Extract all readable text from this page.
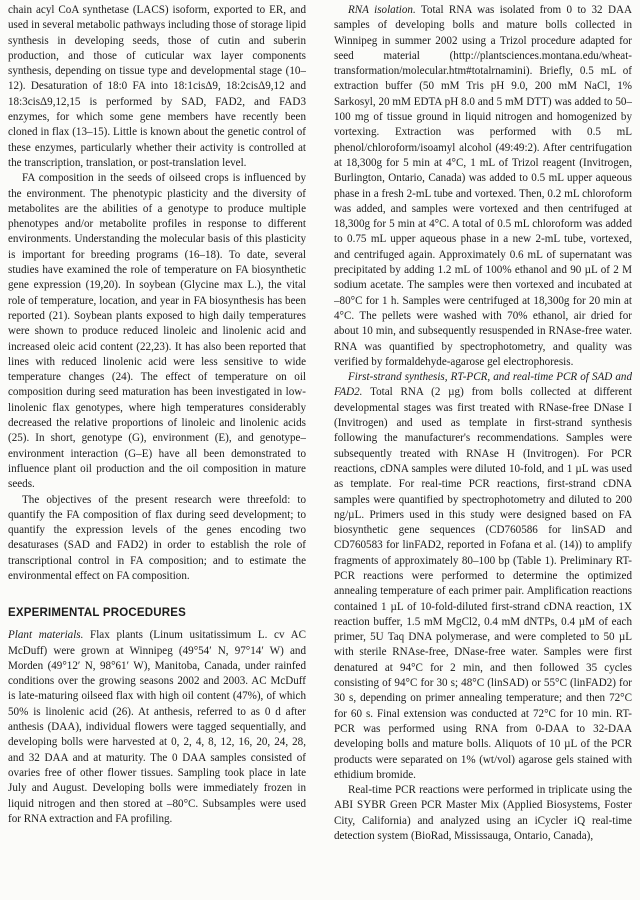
chain acyl CoA synthetase (LACS) isoform, exported to ER, and used in several metabolic pathways including those of storage lipid synthesis in developing seeds, those of cutin and suberin production, and those of cuticular wax layer components synthesis, depending on tissue type and developmental stage (10–12). Desaturation of 18:0 FA into 18:1cisΔ9, 18:2cisΔ9,12 and 18:3cisΔ9,12,15 is performed by SAD, FAD2, and FAD3 enzymes, for which some gene members have recently been cloned in flax (13–15). Little is known about the genetic control of these enzymes, particularly whether their activity is controlled at the transcription, translation, or post-translation level.

FA composition in the seeds of oilseed crops is influenced by the environment. The phenotypic plasticity and the diversity of metabolites are the abilities of a genotype to produce multiple phenotypes and/or metabolite profiles in response to different environments. Understanding the molecular basis of this plasticity is important for breeding programs (16–18). To date, several studies have examined the role of temperature on FA biosynthetic gene expression (19,20). In soybean (Glycine max L.), the vital role of temperature, location, and year in FA biosynthesis has been reported (21). Soybean plants exposed to high daily temperatures were shown to produce reduced linoleic and linolenic acid and increased oleic acid content (22,23). It has also been reported that lines with reduced linolenic acid were less sensitive to wide temperature changes (24). The effect of temperature on oil composition during seed maturation has been investigated in low-linolenic flax genotypes, where high temperatures considerably decreased the relative proportions of linoleic and linolenic acids (25). In short, genotype (G), environment (E), and genotype–environment interaction (G–E) have all been demonstrated to influence plant oil production and the oil composition in mature seeds.

The objectives of the present research were threefold: to quantify the FA composition of flax during seed development; to quantify the expression levels of the genes encoding two desaturases (SAD and FAD2) in order to establish the role of transcriptional control in FA composition; and to estimate the environmental effect on FA composition.

EXPERIMENTAL PROCEDURES

Plant materials. Flax plants (Linum usitatissimum L. cv AC McDuff) were grown at Winnipeg (49°54′ N, 97°14′ W) and Morden (49°12′ N, 98°61′ W), Manitoba, Canada, under rainfed conditions over the growing seasons 2002 and 2003. AC McDuff is late-maturing oilseed flax with high oil content (47%), of which 50% is linolenic acid (26). At anthesis, referred to as 0 d after anthesis (DAA), individual flowers were tagged sequentially, and developing bolls were harvested at 0, 2, 4, 8, 12, 16, 20, 24, 28, and 32 DAA and at maturity. The 0 DAA samples consisted of ovaries free of other flower tissues. Sampling took place in late July and August. Developing bolls were immediately frozen in liquid nitrogen and then stored at –80°C. Subsamples were used for RNA extraction and FA profiling.

RNA isolation. Total RNA was isolated from 0 to 32 DAA samples of developing bolls and mature bolls collected in Winnipeg in summer 2002 using a Trizol procedure adapted for seed material (http://plantsciences.montana.edu/wheat-transformation/molecular.htm#totalrnamini). Briefly, 0.5 mL of extraction buffer (50 mM Tris pH 9.0, 200 mM NaCl, 1% Sarkosyl, 20 mM EDTA pH 8.0 and 5 mM DTT) was added to 50–100 mg of tissue ground in liquid nitrogen and homogenized by vortexing. Extraction was performed with 0.5 mL phenol/chloroform/isoamyl alcohol (49:49:2). After centrifugation at 18,300g for 5 min at 4°C, 1 mL of Trizol reagent (Invitrogen, Burlington, Ontario, Canada) was added to 0.5 mL upper aqueous phase in a fresh 2-mL tube and vortexed. Then, 0.2 mL chloroform was added, and samples were vortexed and then centrifuged at 18,300g for 5 min at 4°C. A total of 0.5 mL chloroform was added to 0.75 mL upper aqueous phase in a new 2-mL tube, vortexed, and centrifuged again. Approximately 0.6 mL of supernatant was precipitated by adding 1.2 mL of 100% ethanol and 90 µL of 2 M sodium acetate. The samples were then vortexed and incubated at –80°C for 1 h. Samples were centrifuged at 18,300g for 20 min at 4°C. The pellets were washed with 70% ethanol, air dried for about 10 min, and subsequently resuspended in RNAse-free water. RNA was quantified by spectrophotometry, and quality was verified by formaldehyde-agarose gel electrophoresis.

First-strand synthesis, RT-PCR, and real-time PCR of SAD and FAD2. Total RNA (2 µg) from bolls collected at different developmental stages was first treated with RNase-free DNase I (Invitrogen) and used as template in first-strand synthesis following the manufacturer's recommendations. Samples were subsequently treated with RNAse H (Invitrogen). For PCR reactions, cDNA samples were diluted 10-fold, and 1 µL was used as template. For real-time PCR reactions, first-strand cDNA samples were quantified by spectrophotometry and diluted to 200 ng/µL. Primers used in this study were designed based on FA biosynthetic gene sequences (CD760586 for linSAD and CD760583 for linFAD2, reported in Fofana et al. (14)) to amplify fragments of approximately 80–100 bp (Table 1). Preliminary RT-PCR reactions were performed to determine the optimized annealing temperature of each primer pair. Amplification reactions contained 1 µL of 10-fold-diluted first-strand cDNA reaction, 1X reaction buffer, 1.5 mM MgCl2, 0.4 mM dNTPs, 0.4 µM of each primer, 5U Taq DNA polymerase, and were completed to 50 µL with sterile RNAse-free, DNase-free water. Samples were first denatured at 94°C for 2 min, and then followed 35 cycles consisting of 94°C for 30 s; 48°C (linSAD) or 55°C (linFAD2) for 30 s, depending on primer annealing temperature; and then 72°C for 60 s. Final extension was conducted at 72°C for 10 min. RT-PCR was performed using RNA from 0-DAA to 32-DAA developing bolls and mature bolls. Aliquots of 10 µL of the PCR products were separated on 1% (wt/vol) agarose gels stained with ethidium bromide.

Real-time PCR reactions were performed in triplicate using the ABI SYBR Green PCR Master Mix (Applied Biosystems, Foster City, California) and analyzed using an iCycler iQ real-time detection system (BioRad, Mississauga, Ontario, Canada),
